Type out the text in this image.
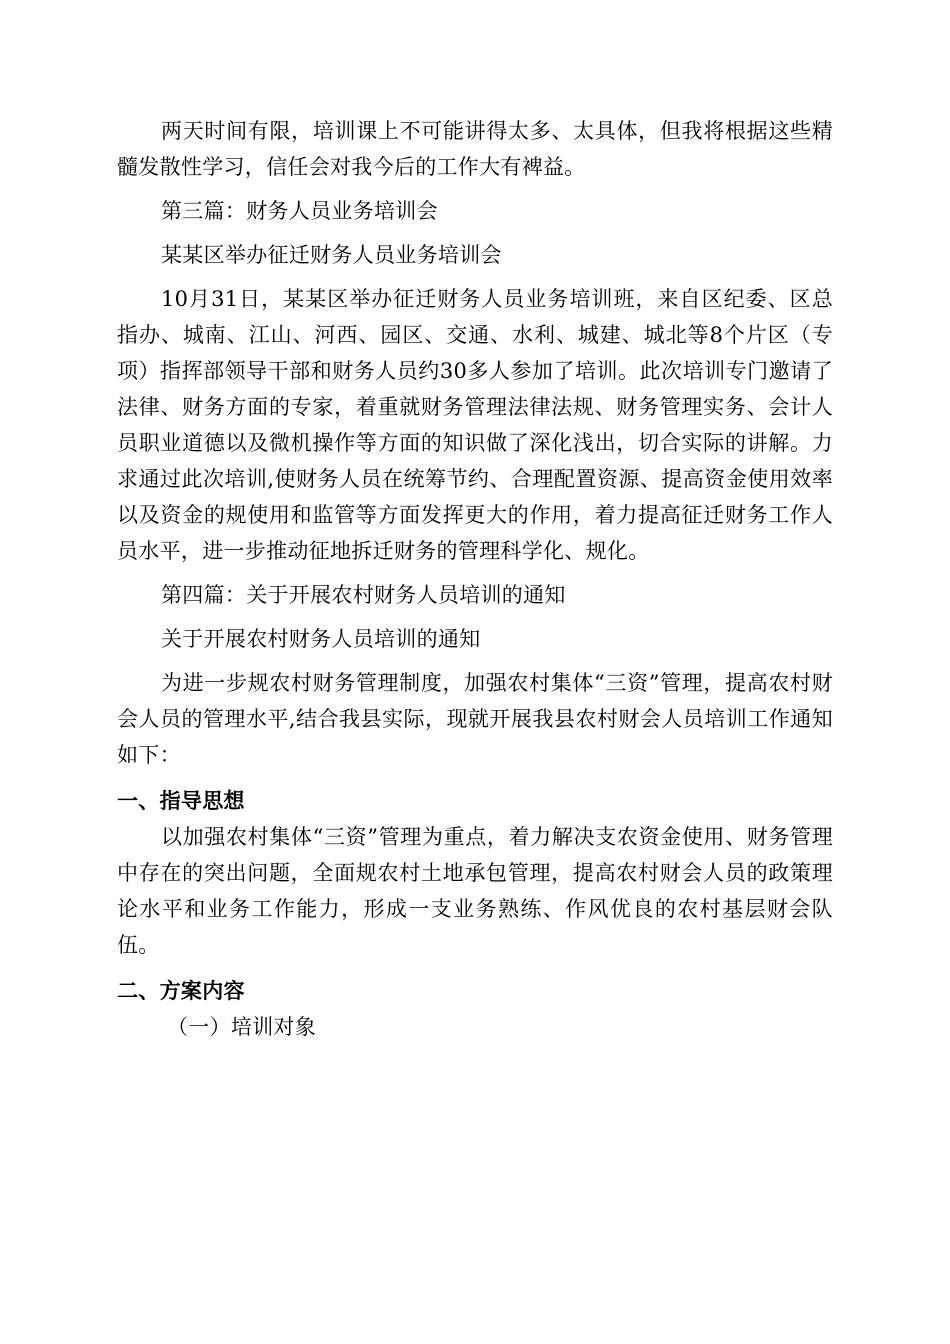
两天时间有限，培训课上不可能讲得太多、太具体，但我将根据这些精髓发散性学习，信任会对我今后的工作大有裨益。

第三篇：财务人员业务培训会

某某区举办征迁财务人员业务培训会

10月31日，某某区举办征迁财务人员业务培训班，来自区纪委、区总指办、城南、江山、河西、园区、交通、水利、城建、城北等8个片区（专项）指挥部领导干部和财务人员约30多人参加了培训。此次培训专门邀请了法律、财务方面的专家，着重就财务管理法律法规、财务管理实务、会计人员职业道德以及微机操作等方面的知识做了深化浅出，切合实际的讲解。力求通过此次培训,使财务人员在统筹节约、合理配置资源、提高资金使用效率以及资金的规使用和监管等方面发挥更大的作用，着力提高征迁财务工作人员水平，进一步推动征地拆迁财务的管理科学化、规化。

第四篇：关于开展农村财务人员培训的通知

关于开展农村财务人员培训的通知

为进一步规农村财务管理制度，加强农村集体“三资”管理，提高农村财会人员的管理水平,结合我县实际，现就开展我县农村财会人员培训工作通知如下：

一、指导思想

以加强农村集体“三资”管理为重点，着力解决支农资金使用、财务管理中存在的突出问题，全面规农村土地承包管理，提高农村财会人员的政策理论水平和业务工作能力，形成一支业务熟练、作风优良的农村基层财会队伍。

二、方案内容

（一）培训对象
